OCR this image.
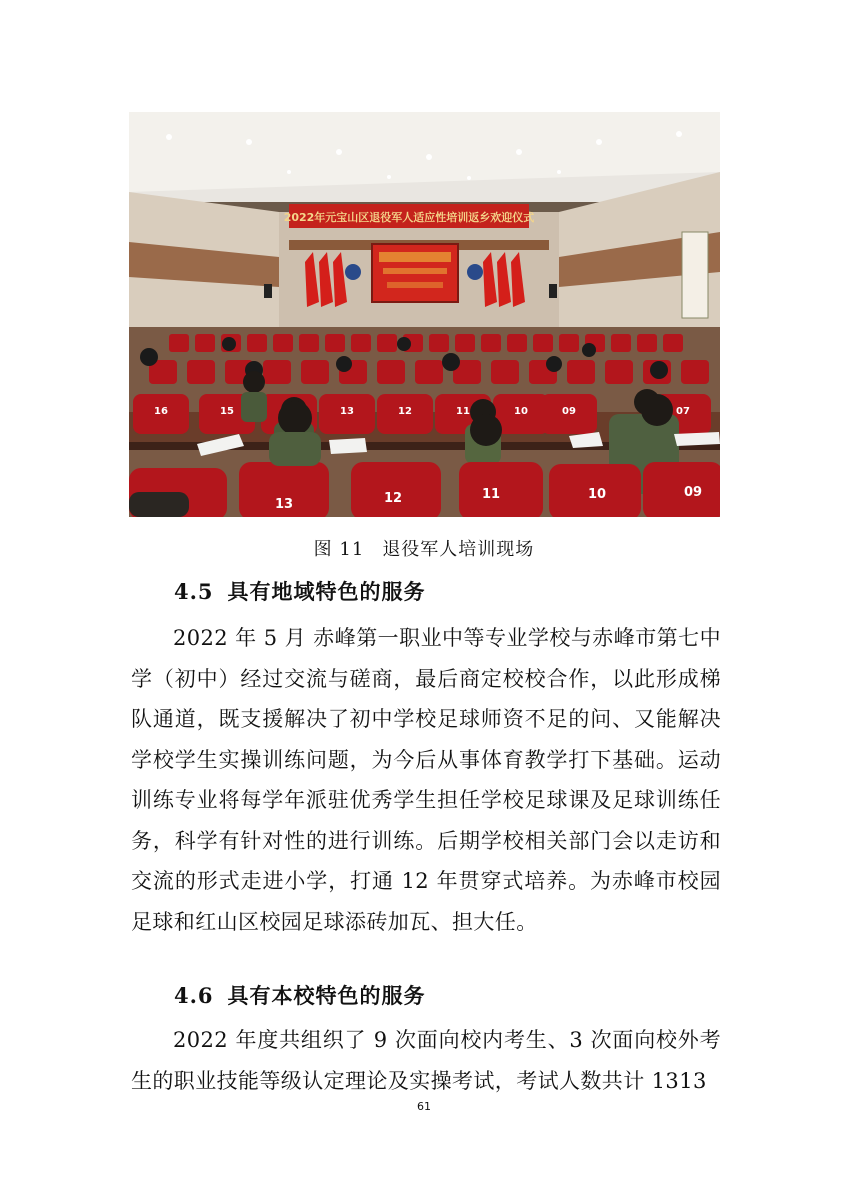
2022年元宝山区退役军人适应性培训返乡欢迎仪式
16	15	13	12	11	10	09	07
13	12	11	10	09
图 11 退役军人培训现场
4.5 具有地域特色的服务
2022 年 5 月 赤峰第一职业中等专业学校与赤峰市第七中学（初中）经过交流与磋商，最后商定校校合作，以此形成梯队通道，既支援解决了初中学校足球师资不足的问、又能解决学校学生实操训练问题，为今后从事体育教学打下基础。运动训练专业将每学年派驻优秀学生担任学校足球课及足球训练任务，科学有针对性的进行训练。后期学校相关部门会以走访和交流的形式走进小学，打通 12 年贯穿式培养。为赤峰市校园足球和红山区校园足球添砖加瓦、担大任。
4.6 具有本校特色的服务
2022 年度共组织了 9 次面向校内考生、3 次面向校外考生的职业技能等级认定理论及实操考试，考试人数共计 1313
61
